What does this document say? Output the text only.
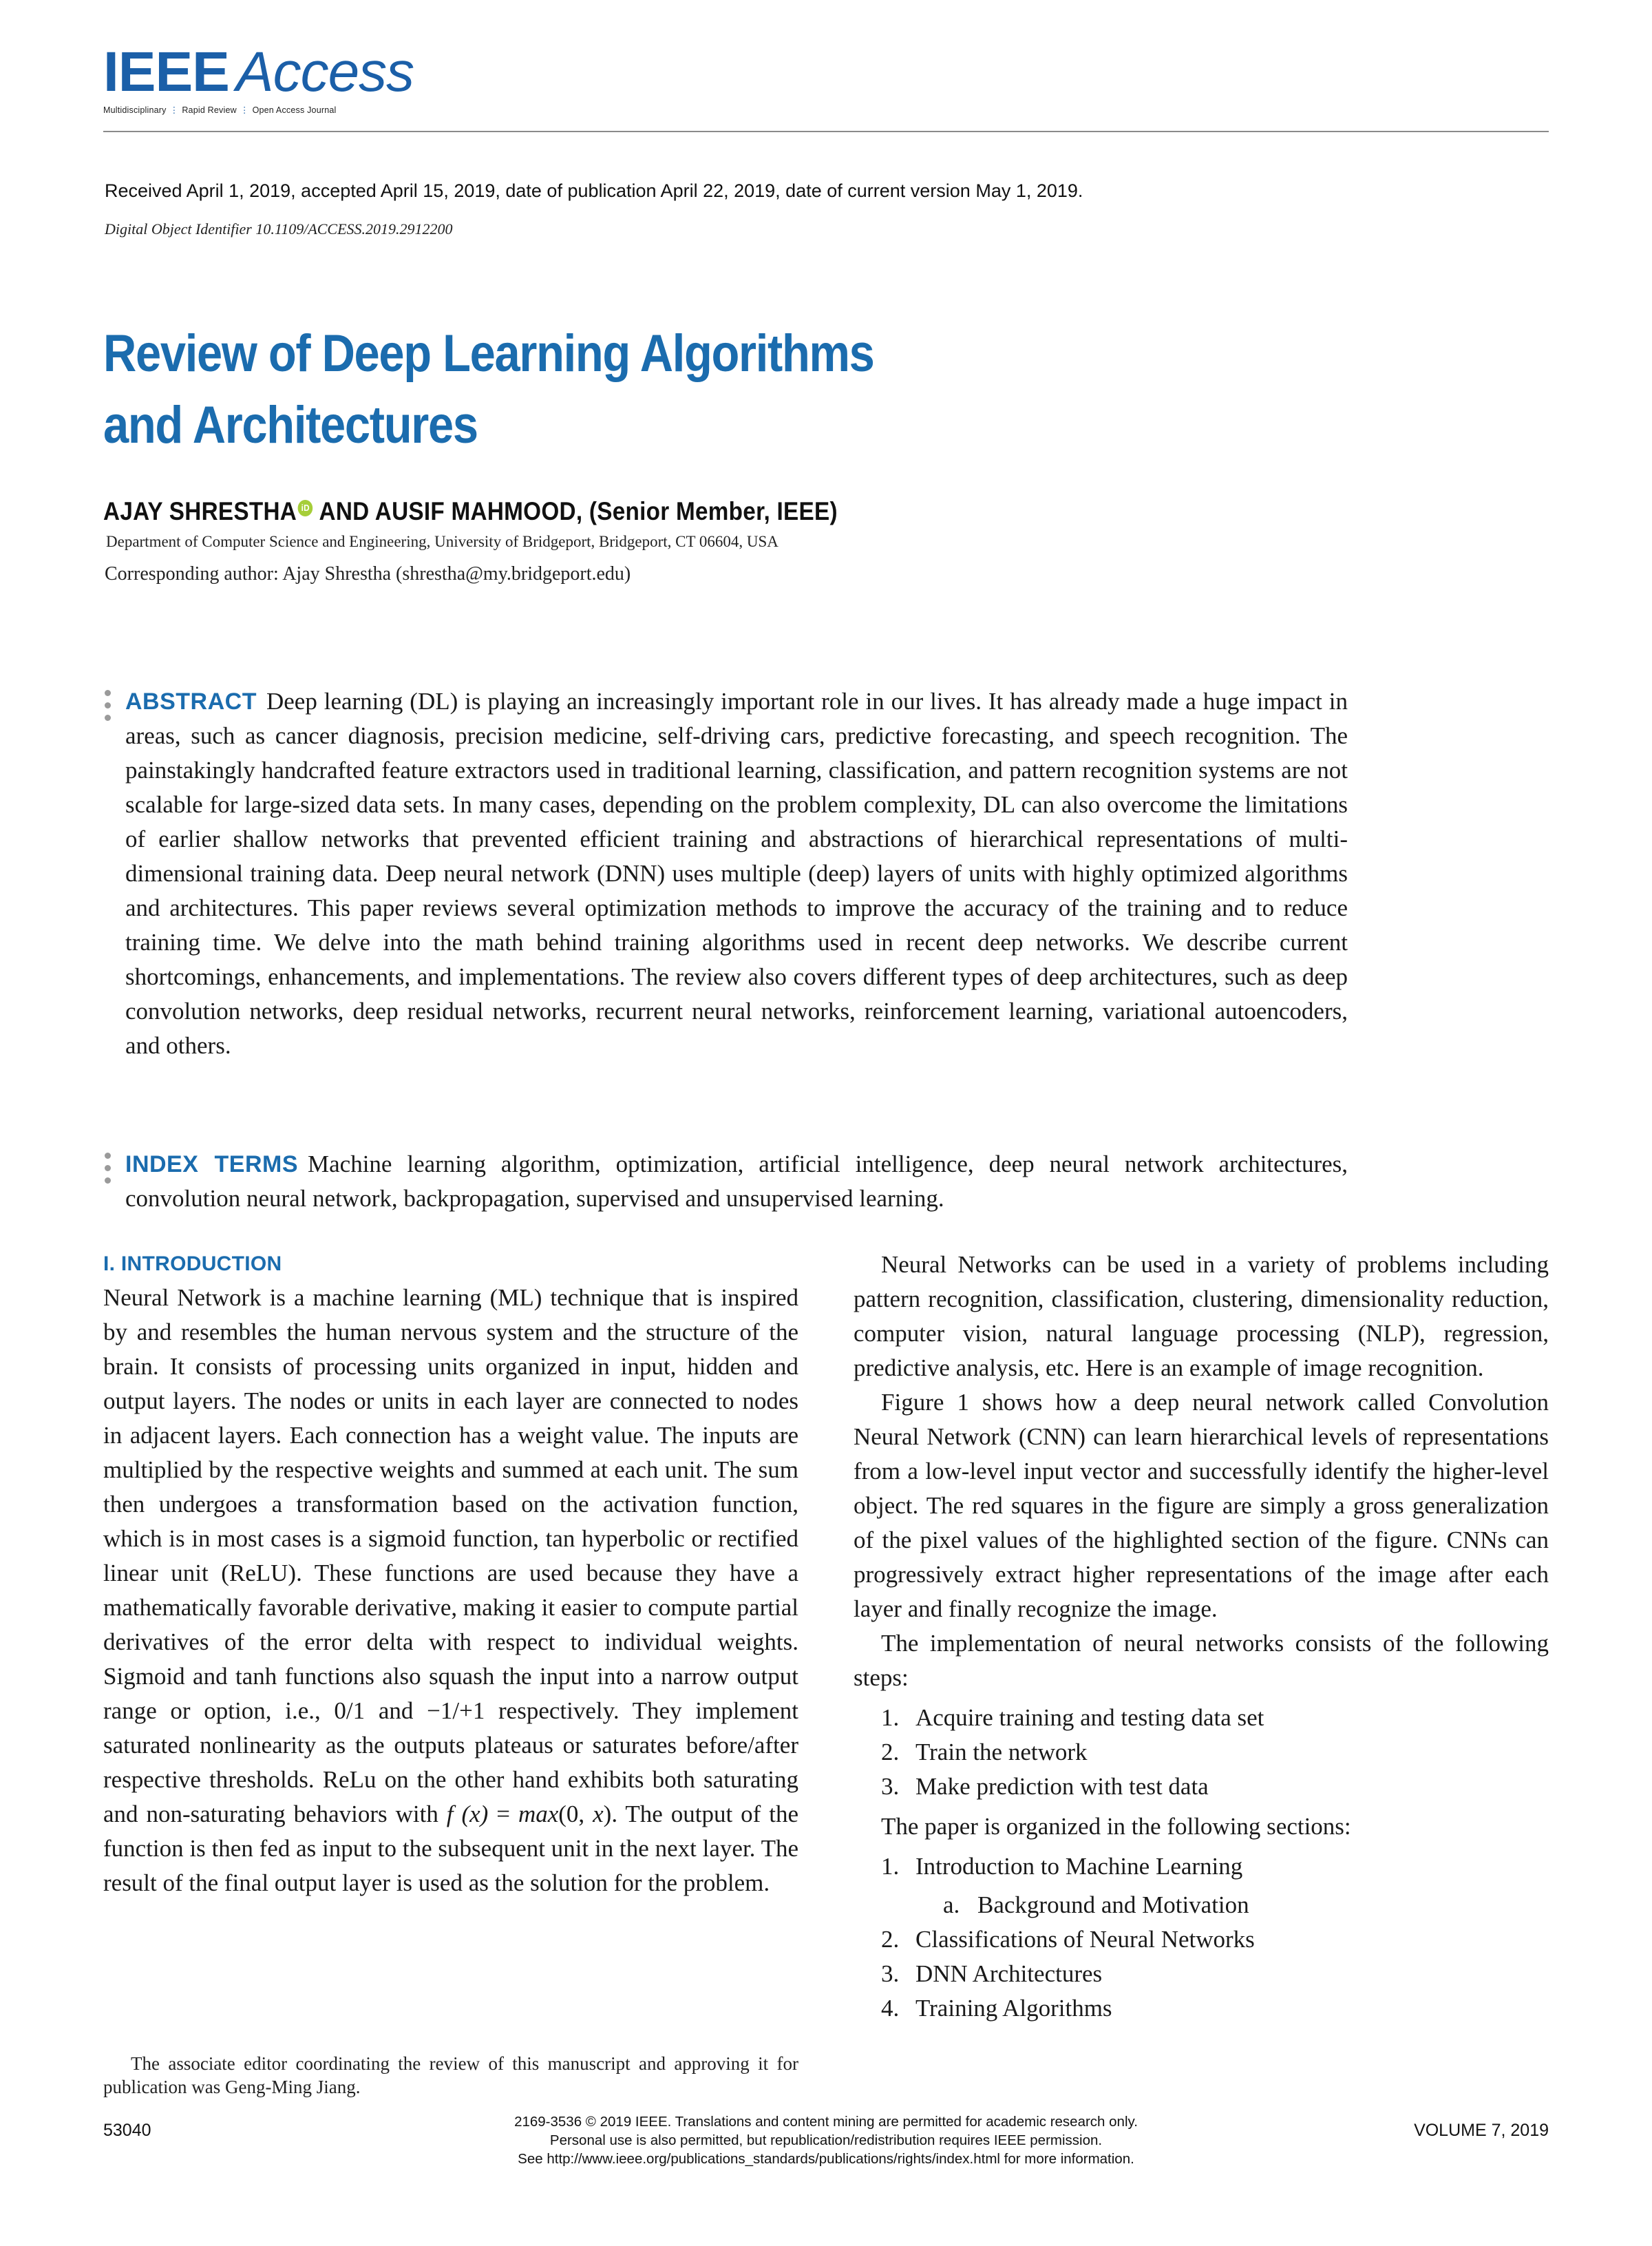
IEEE Access
Multidisciplinary ⋮ Rapid Review ⋮ Open Access Journal
Received April 1, 2019, accepted April 15, 2019, date of publication April 22, 2019, date of current version May 1, 2019.
Digital Object Identifier 10.1109/ACCESS.2019.2912200
Review of Deep Learning Algorithms
and Architectures
AJAY SHRESTHA iD AND AUSIF MAHMOOD, (Senior Member, IEEE)
Department of Computer Science and Engineering, University of Bridgeport, Bridgeport, CT 06604, USA
Corresponding author: Ajay Shrestha (shrestha@my.bridgeport.edu)
ABSTRACT Deep learning (DL) is playing an increasingly important role in our lives. It has already made a huge impact in areas, such as cancer diagnosis, precision medicine, self-driving cars, predictive forecasting, and speech recognition. The painstakingly handcrafted feature extractors used in traditional learning, classification, and pattern recognition systems are not scalable for large-sized data sets. In many cases, depending on the problem complexity, DL can also overcome the limitations of earlier shallow networks that prevented efficient training and abstractions of hierarchical representations of multi-dimensional training data. Deep neural network (DNN) uses multiple (deep) layers of units with highly optimized algorithms and architectures. This paper reviews several optimization methods to improve the accuracy of the training and to reduce training time. We delve into the math behind training algorithms used in recent deep networks. We describe current shortcomings, enhancements, and implementations. The review also covers different types of deep architectures, such as deep convolution networks, deep residual networks, recurrent neural networks, reinforcement learning, variational autoencoders, and others.
INDEX TERMS Machine learning algorithm, optimization, artificial intelligence, deep neural network architectures, convolution neural network, backpropagation, supervised and unsupervised learning.
I. INTRODUCTION

Neural Network is a machine learning (ML) technique that is inspired by and resembles the human nervous system and the structure of the brain. It consists of processing units organized in input, hidden and output layers. The nodes or units in each layer are connected to nodes in adjacent layers. Each connection has a weight value. The inputs are multiplied by the respective weights and summed at each unit. The sum then undergoes a transformation based on the activation function, which is in most cases is a sigmoid function, tan hyperbolic or rectified linear unit (ReLU). These functions are used because they have a mathematically favorable derivative, making it easier to compute partial derivatives of the error delta with respect to individual weights. Sigmoid and tanh functions also squash the input into a narrow output range or option, i.e., 0/1 and −1/+1 respectively. They implement saturated nonlinearity as the outputs plateaus or saturates before/after respective thresholds. ReLu on the other hand exhibits both saturating and non-saturating behaviors with f (x) = max(0, x). The output of the function is then fed as input to the subsequent unit in the next layer. The result of the final output layer is used as the solution for the problem.

The associate editor coordinating the review of this manuscript and approving it for publication was Geng-Ming Jiang.

Neural Networks can be used in a variety of problems including pattern recognition, classification, clustering, dimensionality reduction, computer vision, natural language processing (NLP), regression, predictive analysis, etc. Here is an example of image recognition.

Figure 1 shows how a deep neural network called Convolution Neural Network (CNN) can learn hierarchical levels of representations from a low-level input vector and successfully identify the higher-level object. The red squares in the figure are simply a gross generalization of the pixel values of the highlighted section of the figure. CNNs can progressively extract higher representations of the image after each layer and finally recognize the image.

The implementation of neural networks consists of the following steps:

1. Acquire training and testing data set
2. Train the network
3. Make prediction with test data

The paper is organized in the following sections:

1. Introduction to Machine Learning
a. Background and Motivation
2. Classifications of Neural Networks
3. DNN Architectures
4. Training Algorithms
53040	2169-3536 © 2019 IEEE. Translations and content mining are permitted for academic research only.
Personal use is also permitted, but republication/redistribution requires IEEE permission.
See http://www.ieee.org/publications_standards/publications/rights/index.html for more information.
VOLUME 7, 2019
